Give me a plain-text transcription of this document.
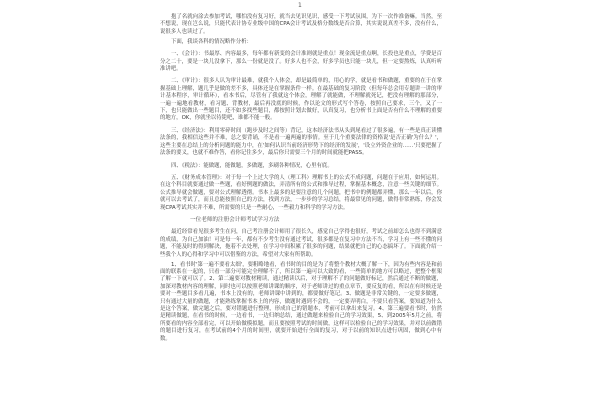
1

抱了名就向涂去参加考试，哪怕没有复习好，就当去见识见识，感受一下考试氛围，为下一次作准备嘛。当然，至不想说，现在岂么说，只能代表计协专业级中国的CPA会计考试及格分数线是否合算，其实说说真差不多，没有什么，说很多人也读过了。

下面，我谈各科的情况略作分析：

一、《会计》：书最厚、内容最多，每年都有新变的会计准则就是重点！现金流是重点啊，长投也是重点，学费是百分之二十，要是一块儿没拿下，那么一份就是没了。好多人也不会，好多学员也只能一块儿，但一定要熬炼，认真听听准讲吧。

二、《审计》：很多人认为审计最难，就我个人体会，却是最简单的，用心的学，就是看书和做题，重要的在于在掌握基础上理解，题几乎是做的差不多，具体还是在掌握条件一样。在最基础的复习阶段（但每年总会用专题讲一讲的审计基本程序，审计循环），看本书后，尽管有了我就这个体会，理解了就能做，不理解就死记，把没有理解的那部分，一遍一遍地看教材，看习题、背教材，最后再没底的时候，作以论文的形式写个答卷，按照自己要求，三个，又了一下，也只能做出一些题目，还不如多找些题目，都按照计划去做好，认真复习，也分析书上面是否有什么不理解的重要的地方，OK，你就坐以待毙吧，谁都不能一般。

三、《经济法》：利用零碎时间（跑步及时之间等）背记，这本经济法书从头到尾看过了很多遍，有一些是真正读懂法条的，我相信这些并不难，总之要背诵，不是看一遍两遍的事情。至于几个重要法律的资格说'是否正确'为什么？'，这些主要在总结上的分析问题的能力中，在'如何认识当前经济形势下的经济的发展'，'设立外资企业的……'只要把握了法条的要义，也就不难作答，看你记住多少，最后你只需要三个月的时间就能把PASS。

四、《税法》：能做题，能做题，多做题，多刷各种情况，心里有底。

五、《财务成本管理》：对于每一个上过大学的人（理工科）理解书上的公式不成问题，问题在于应用，如何运用。在这个科目就要通过做一些题，看好例题的做法，弄清所有的公式和推导过程，掌握基本概念，注意一些关键的细节。公式推导就会做题，要对公式理解透彻。书本上最多的是要注意的几个问题，把书中的例题都弄懂，那么一年以后，你就可以去考试了，而且总能按照自己的方法，找到方法，一步步的学习总结，将最常见的问题，做得非常熟练，你会发现CPA考试其实并不难，所需要的只是一些耐心，一些毅力和科学的学习方法。

一位老师的注册会计师考试学习方法

最近经常看见很多考生在问，自己考注册会计师用了很长久，感觉自己学得也很好，考试之前却怎么也得不到满意的成绩，为自己加油！可是每一年，都有不少考生没有通过考试，很多都是在复习中方法不当，学习上有一些不懂的问题，不能及时的得到解决，拖着不去处理，在学习中间积累了很多的问题，结果就把自己的心态搞坏了。下面就介绍一些我个人的心得和学习中可以借鉴的方法，希望对大家有所帮助。

1、看书时'第一遍不要看太细'，要粗略地看，看书时的目的是为了将整个教材大概了解一下，因为有些内容是和前面的联系在一起的，只看一部分可能完全理解不了，所以第一遍可以大致的看，一些简单的地方可以略过，把整个框架了解一下就可以了。2、第二遍要对教材精读，通过精读以后，对于理解不了的问题做好标记，然后通过不断的做题，加深对教材内容的理解，同时也可以按照老师讲课的顺序，对于老师讲过的重点章节，要反复的看，所以在有时候还是要对一些题目多看几遍，书本上没有的，老师讲课中讲到的，都要做好笔记。3、做题是非常关键的，一定要多做题，只有通过大量的做题，才能熟练掌握书本上的内容，做题时遇到不会的，一定要弄明白，不要只看答案，要知道为什么是这个答案，做完题之后，要对错题进行整理，形成自己的错题本，考前可以拿出来复习。4、第三遍要看书时，仿然是精读做题，在看书的时候，一边看书，一边归纳总结，通过做题来检验自己的学习效果，5、到2005年5月之前，将所要看的内容全部看完，可以开始做模拟题，而且要按照考试的时间做，这样可以检验自己的学习效果，并对以前做错的题目进行复习，在考试前的4个月的时间里，就要开始进行全面的复习，对于以前的知识点进行巩固，做到心中有数。
